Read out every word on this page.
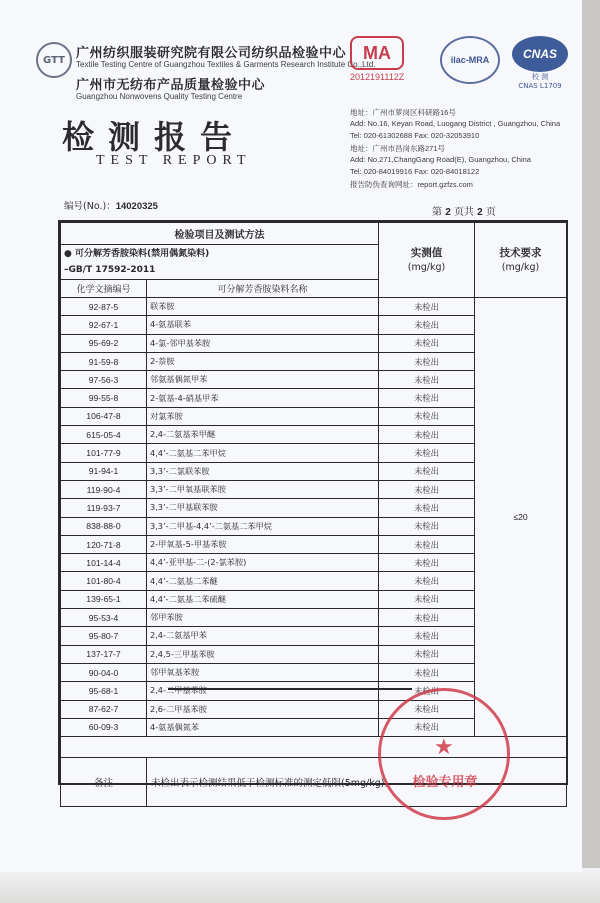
GTT 广州纺织服装研究院有限公司纺织品检验中心
Textile Testing Centre of Guangzhou Textiles & Garments Research Institute Co.,Ltd.
广州市无纺布产品质量检验中心
Guangzhou Nonwovens Quality Testing Centre
MA
2012191112Z
ilac-MRA	CNAS
校 测
CNAS L1709
检测报告
TEST REPORT
地址：广州市萝岗区科研路16号
Add: No.16, Keyan Road, Luogang District , Guangzhou, China
Tel: 020-61302688 Fax: 020-32053910
地址：广州市昌岗东路271号
Add: No.271,ChangGang Road(E), Guangzhou, China
Tel: 020-84019916 Fax: 020-84018122
报告防伪查询网址：report.gzfzs.com
编号(No.)：14020325
第 2 页共 2 页
检验项目及测试方法		实测值
(mg/kg)	技术要求
(mg/kg)
● 可分解芳香胺染料(禁用偶氮染料)
–GB/T 17592-2011			
化学文摘编号	可分解芳香胺染料名称		
92-87-5	联苯胺	未检出	≤20
92-67-1	4-氨基联苯	未检出	
95-69-2	4-氯-邻甲基苯胺	未检出	
91-59-8	2-萘胺	未检出	
97-56-3	邻氨基偶氮甲苯	未检出	
99-55-8	2-氨基-4-硝基甲苯	未检出	
106-47-8	对氯苯胺	未检出	
615-05-4	2,4-二氨基苯甲醚	未检出	
101-77-9	4,4’-二氨基二苯甲烷	未检出	
91-94-1	3,3’-二氯联苯胺	未检出	
119-90-4	3,3’-二甲氧基联苯胺	未检出	
119-93-7	3,3’-二甲基联苯胺	未检出	
838-88-0	3,3’-二甲基-4,4’-二氨基二苯甲烷	未检出	
120-71-8	2-甲氧基-5-甲基苯胺	未检出	
101-14-4	4,4’-亚甲基-二-(2-氯苯胺)	未检出	
101-80-4	4,4’-二氨基二苯醚	未检出	
139-65-1	4,4’-二氨基二苯硫醚	未检出	
95-53-4	邻甲苯胺	未检出	
95-80-7	2,4-二氨基甲苯	未检出	
137-17-7	2,4,5-三甲基苯胺	未检出	
90-04-0	邻甲氧基苯胺	未检出	
95-68-1	2,4-二甲基苯胺	未检出	
87-62-7	2,6-二甲基苯胺	未检出	
60-09-3	4-氨基偶氮苯	未检出	

备注	未检出表示检测结果低于检测标准的测定低限(5mg/kg)。		
★
检验专用章
